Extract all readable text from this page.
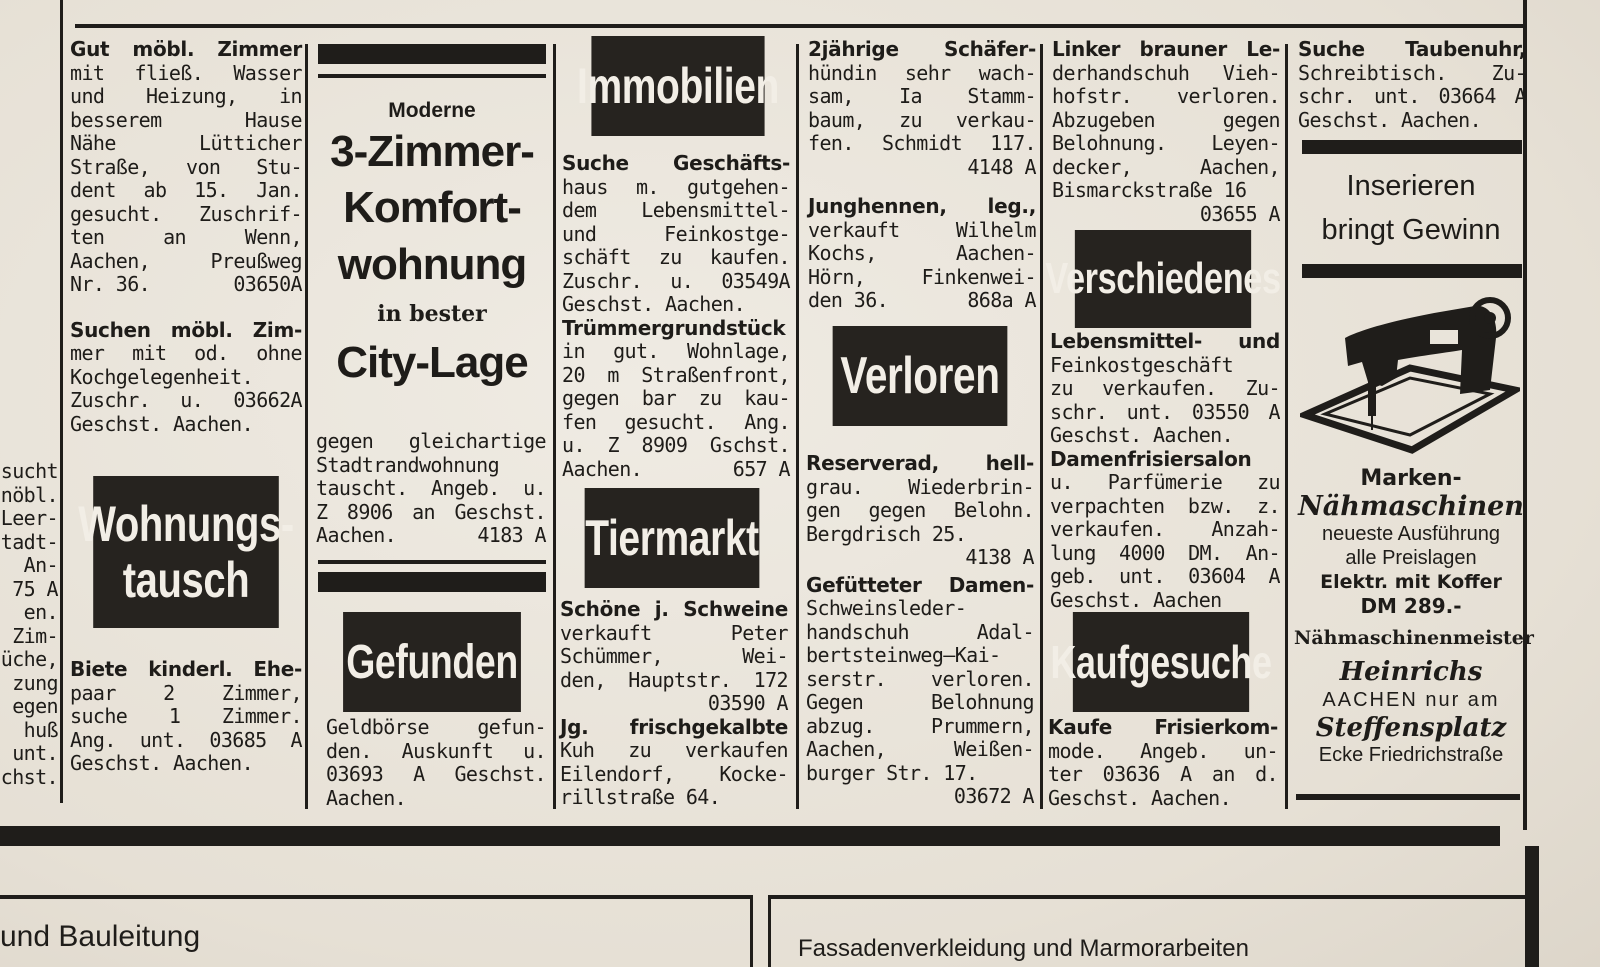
sucht
nöbl.
Leer-
tadt-
An-
75 A
en.
Zim-
üche,
zung
egen
huß
unt.
chst.

Gut möbl. Zimmer

mit fließ. Wasser

und Heizung, in

besserem Hause

Nähe Lütticher

Straße, von Stu-

dent ab 15. Jan.

gesucht. Zuschrif-

ten an Wenn,

Aachen, Preußweg

Nr. 36.	03650A

Suchen möbl. Zim-

mer mit od. ohne

Kochgelegenheit.

Zuschr. u. 03662A

Geschst. Aachen.

Wohnungs-
tausch

Biete kinderl. Ehe-

paar 2 Zimmer,

suche 1 Zimmer.

Ang. unt. 03685 A

Geschst. Aachen.

Moderne
3-Zimmer-
Komfort-
wohnung
in bester
City-Lage

gegen gleichartige

Stadtrandwohnung

tauscht. Angeb. u.

Z 8906 an Geschst.

Aachen.	4183 A

Gefunden

Geldbörse gefun-

den. Auskunft u.

03693 A Geschst.

Aachen.

Immobilien

Suche Geschäfts-

haus m. gutgehen-

dem Lebensmittel-

und Feinkostge-

schäft zu kaufen.

Zuschr. u. 03549A

Geschst. Aachen.

Trümmergrundstück

in gut. Wohnlage,

20 m Straßenfront,

gegen bar zu kau-

fen gesucht. Ang.

u. Z 8909 Gschst.

Aachen.	657 A

Tiermarkt

Schöne j. Schweine

verkauft Peter

Schümmer, Wei-

den, Hauptstr. 172

03590 A

Jg. frischgekalbte

Kuh zu verkaufen

Eilendorf, Kocke-

rillstraße 64.

2jährige Schäfer-

hündin sehr wach-

sam, Ia Stamm-

baum, zu verkau-

fen. Schmidt 117.

4148 A

Junghennen, leg.,

verkauft Wilhelm

Kochs, Aachen-

Hörn, Finkenwei-

den 36.	868a A

Verloren

Reserverad, hell-

grau. Wiederbrin-

gen gegen Belohn.

Bergdrisch 25.

4138 A

Gefütteter Damen-

Schweinsleder-

handschuh Adal-

bertsteinweg—Kai-

serstr. verloren.

Gegen Belohnung

abzug. Prummern,

Aachen, Weißen-

burger Str. 17.

03672 A

Linker brauner Le-

derhandschuh Vieh-

hofstr. verloren.

Abzugeben gegen

Belohnung. Leyen-

decker, Aachen,

Bismarckstraße 16

03655 A
Verschiedenes

Lebensmittel- und

Feinkostgeschäft

zu verkaufen. Zu-

schr. unt. 03550 A

Geschst. Aachen.

Damenfrisiersalon

u. Parfümerie zu

verpachten bzw. z.

verkaufen. Anzah-

lung 4000 DM. An-

geb. unt. 03604 A

Geschst. Aachen

Kaufgesuche

Kaufe Frisierkom-

mode. Angeb. un-

ter 03636 A an d.

Geschst. Aachen.

Suche Taubenuhr,

Schreibtisch. Zu-

schr. unt. 03664 A

Geschst. Aachen.

Inserieren
bringt Gewinn
Marken-
Nähmaschinen
neueste Ausführung
alle Preislagen
Elektr. mit Koffer
DM 289.-
Nähmaschinenmeister
Heinrichs
AACHEN nur am
Steffensplatz
Ecke Friedrichstraße
und Bauleitung	Fassadenverkleidung und Marmorarbeiten
